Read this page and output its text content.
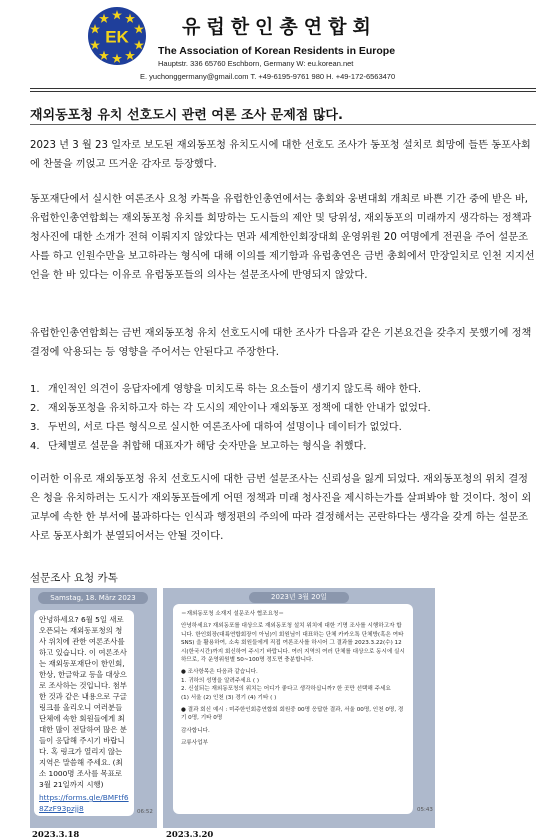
EK	유럽한인총연합회
The Association of Korean Residents in Europe
Hauptstr. 336 65760 Eschborn, Germany W: eu.korean.net
E. yuchonggermany@gmail.com T. +49-6195-9761 980 H. +49-172-6563470
재외동포청 유치 선호도시 관련 여론 조사 문제점 많다.

2023 년 3 월 23 일자로 보도된 재외동포청 유치도시에 대한 선호도 조사가 동포청 설치로 희망에 들뜬 동포사회에 찬물을 끼얹고 뜨거운 감자로 등장했다.

동포재단에서 실시한 여론조사 요청 카톡을 유럽한인총연에서는 총회와 웅변대회 개최로 바쁜 기간 중에 받은 바, 유럽한인총연합회는 재외동포청 유치를 희망하는 도시들의 제안 및 당위성, 재외동포의 미래까지 생각하는 정책과 청사진에 대한 소개가 전혀 이뤄지지 않았다는 면과 세계한인회장대회 운영위원 20 여명에게 전권을 주어 설문조사를 하고 인원수만을 보고하라는 형식에 대해 이의를 제기함과 유럽총연은 금번 총회에서 만장일치로 인천 지지선언을 한 바 있다는 이유로 유럽동포들의 의사는 설문조사에 반영되지 않았다.

유럽한인총연합회는 금번 재외동포청 유치 선호도시에 대한 조사가 다음과 같은 기본요건을 갖추지 못했기에 정책결정에 악용되는 등 영향을 주어서는 안된다고 주장한다.

1. 개인적인 의견이 응답자에게 영향을 미치도록 하는 요소들이 생기지 않도록 해야 한다.
2. 재외동포청을 유치하고자 하는 각 도시의 제안이나 재외동포 정책에 대한 안내가 없었다.
3. 두번의, 서로 다른 형식으로 실시한 여론조사에 대하여 설명이나 데이터가 없었다.
4. 단체별로 설문을 취합해 대표자가 해당 숫자만을 보고하는 형식을 취했다.

이러한 이유로 재외동포청 유치 선호도시에 대한 금번 설문조사는 신뢰성을 잃게 되었다. 재외동포청의 위치 결정은 청을 유치하려는 도시가 재외동포들에게 어떤 정책과 미래 청사진을 제시하는가를 살펴봐야 할 것이다. 청이 외교부에 속한 한 부서에 불과하다는 인식과 행정편의 주의에 따라 결정해서는 곤란하다는 생각을 갖게 하는 설문조사로 동포사회가 분열되어서는 안될 것이다.

설문조사 요청 카톡
Samstag, 18. März 2023
안녕하세요? 6월 5일 새로 오픈되는 재외동포청의 청사 위치에 관한 여론조사를 하고 있습니다. 이 여론조사는 재외동포재단이 한인회, 한상, 한글학교 등을 대상으로 조사하는 것입니다. 첨부한 것과 같은 내용으로 구글 링크를 올리오니 여러분들 단체에 속한 회원들에게 최대한 많이 전달하여 많은 분들이 응답해 주시기 바랍니다. 혹 링크가 열리지 않는 지역은 말씀해 주세요. (최소 1000명 조사를 목표로 3월 21일까지 시행)
https://forms.gle/BMFtf68ZzF93pzjj8	06:52
2023년 3월 20일
＝재외동포청 소재지 설문조사 협조요청＝
안녕하세요? 재외동포를 대상으로 재외동포청 설치 위치에 대한 기명 조사를 시행하고자 합니다. 한인회장(대륙연합회장이 아님)이 회원님이 대표하는 단체 카카오톡 단체방(혹은 여타 SNS) 을 활용하여, 소속 회원들에게 직접 여론조사를 하시어 그 결과를 2023.3.22(수) 12시(한국시간)까지 회신하여 주시기 바랍니다. 여러 지역의 여러 단체를 대상으로 동시에 실시하므로, 각 운영위원별 50~100명 정도면 충분합니다.
● 조사항목은 다음과 같습니다.
1. 귀하의 성명을 알려주세요 ( )
2. 신설되는 재외동포청의 위치는 어디가 좋다고 생각하십니까? 한 곳만 선택해 주세요
(1) 서울 (2) 인천 (3) 경기 (4) 기타 ( )
● 결과 회신 예시 : 미주한인회총연합회 회원중 00명 응답한 결과, 서울 00명, 인천 0명, 경기 0명, 기타 0명
감사합니다.
교류사업부
05:43
2023.3.18	2023.3.20
